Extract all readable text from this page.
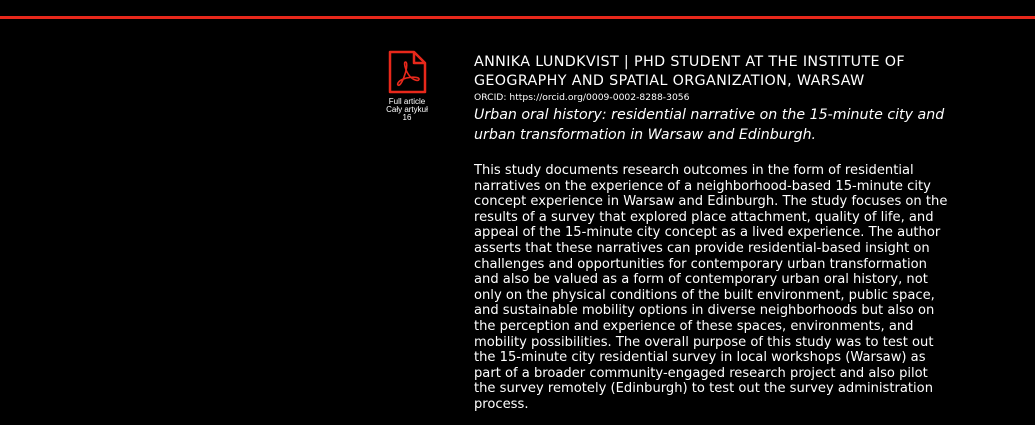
Full article
Cały artykuł
16
ANNIKA LUNDKVIST | PHD STUDENT AT THE INSTITUTE OF
GEOGRAPHY AND SPATIAL ORGANIZATION, WARSAW

ORCID: https://orcid.org/0009-0002-8288-3056

Urban oral history: residential narrative on the 15-minute city and
urban transformation in Warsaw and Edinburgh.

This study documents research outcomes in the form of residential
narratives on the experience of a neighborhood-based 15-minute city
concept experience in Warsaw and Edinburgh. The study focuses on the
results of a survey that explored place attachment, quality of life, and
appeal of the 15-minute city concept as a lived experience. The author
asserts that these narratives can provide residential-based insight on
challenges and opportunities for contemporary urban transformation
and also be valued as a form of contemporary urban oral history, not
only on the physical conditions of the built environment, public space,
and sustainable mobility options in diverse neighborhoods but also on
the perception and experience of these spaces, environments, and
mobility possibilities. The overall purpose of this study was to test out
the 15-minute city residential survey in local workshops (Warsaw) as
part of a broader community-engaged research project and also pilot
the survey remotely (Edinburgh) to test out the survey administration
process.
